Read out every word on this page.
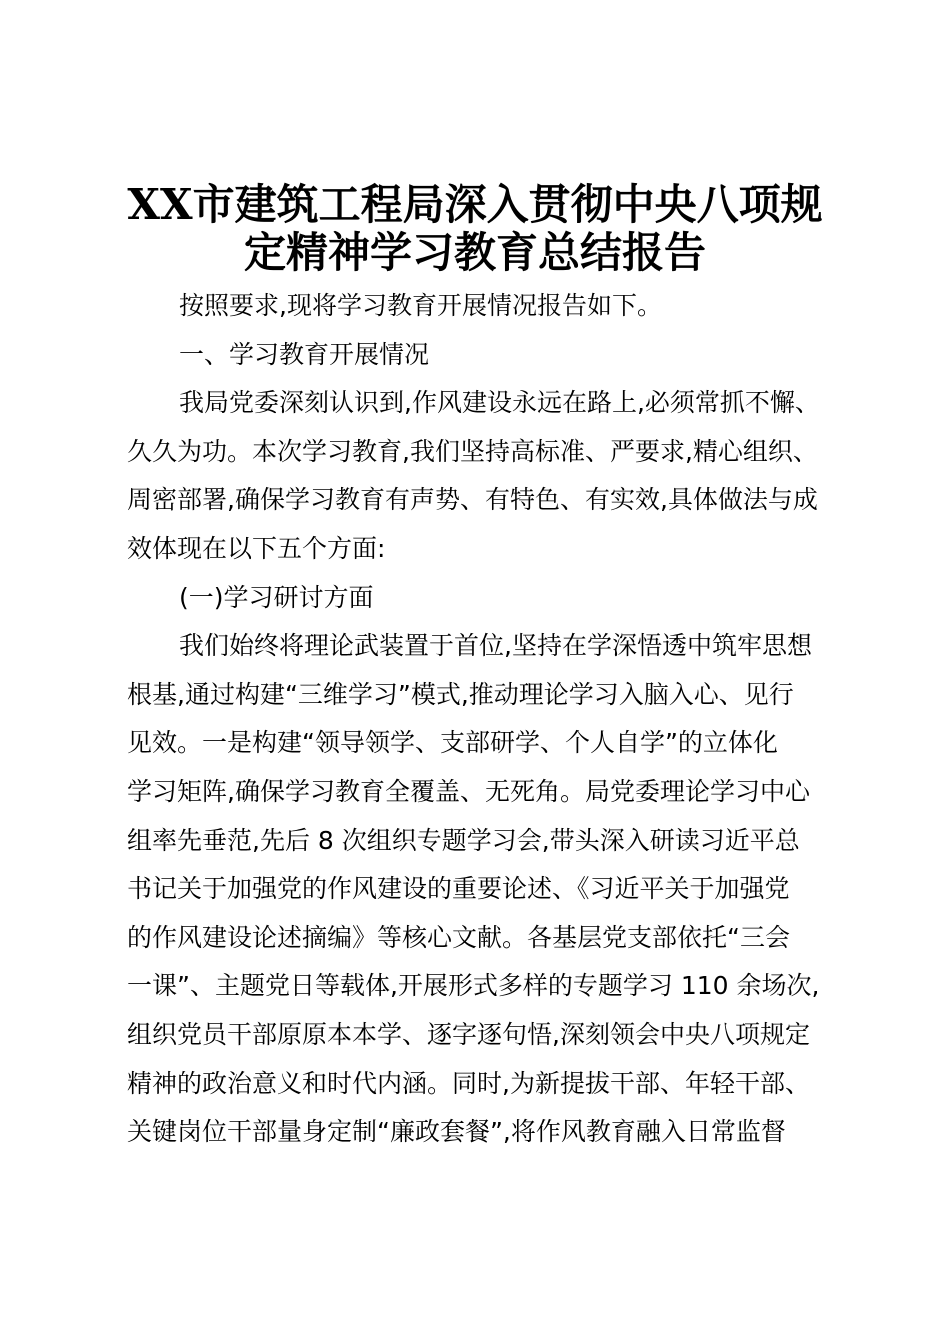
XX市建筑工程局深入贯彻中央八项规
定精神学习教育总结报告
按照要求,现将学习教育开展情况报告如下。
一、学习教育开展情况
我局党委深刻认识到,作风建设永远在路上,必须常抓不懈、
久久为功。本次学习教育,我们坚持高标准、严要求,精心组织、
周密部署,确保学习教育有声势、有特色、有实效,具体做法与成
效体现在以下五个方面:
(一)学习研讨方面
我们始终将理论武装置于首位,坚持在学深悟透中筑牢思想
根基,通过构建“三维学习”模式,推动理论学习入脑入心、见行
见效。一是构建“领导领学、支部研学、个人自学”的立体化
学习矩阵,确保学习教育全覆盖、无死角。局党委理论学习中心
组率先垂范,先后 8 次组织专题学习会,带头深入研读习近平总
书记关于加强党的作风建设的重要论述、《习近平关于加强党
的作风建设论述摘编》等核心文献。各基层党支部依托“三会
一课”、主题党日等载体,开展形式多样的专题学习 110 余场次,
组织党员干部原原本本学、逐字逐句悟,深刻领会中央八项规定
精神的政治意义和时代内涵。同时,为新提拔干部、年轻干部、
关键岗位干部量身定制“廉政套餐”,将作风教育融入日常监督
